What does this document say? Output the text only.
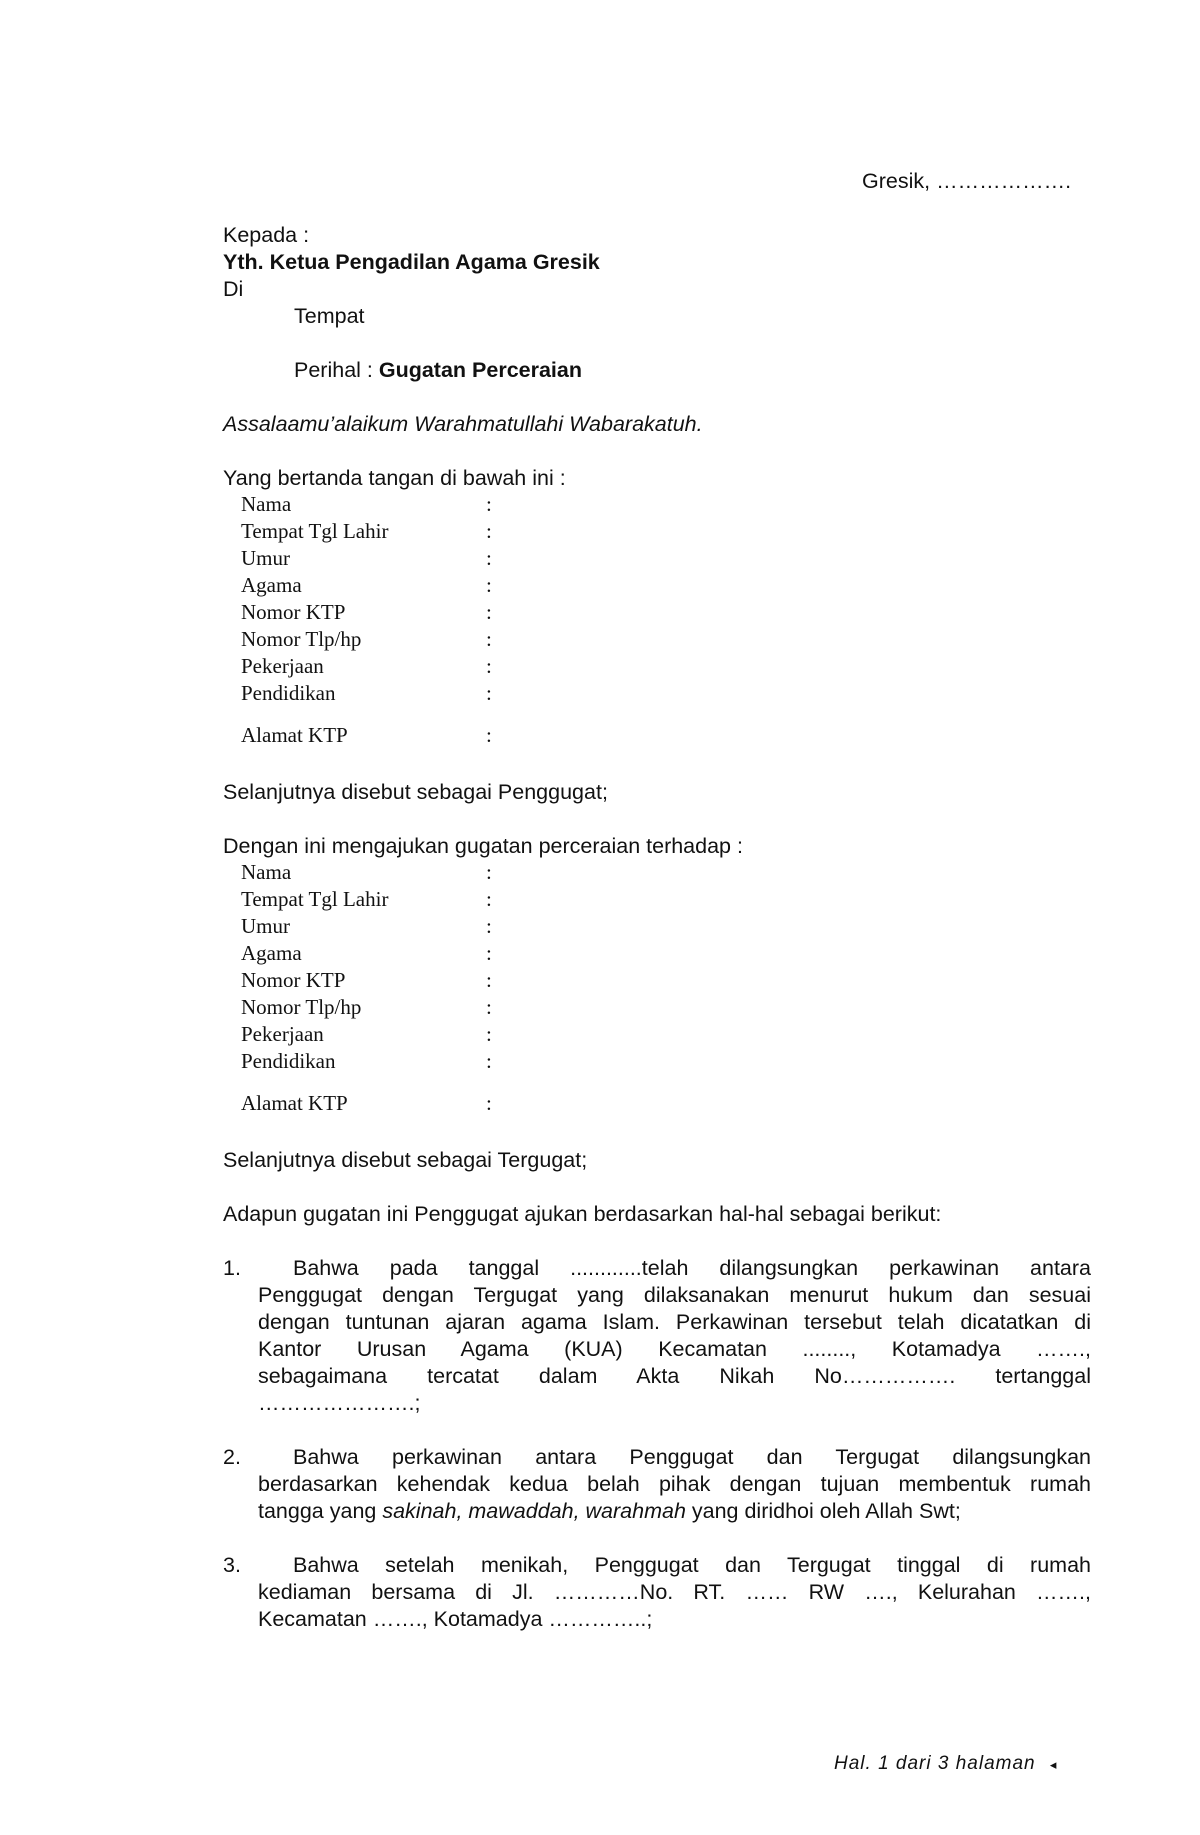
Gresik, ……………….
Kepada :
Yth. Ketua Pengadilan Agama Gresik
Di
Tempat
Perihal : Gugatan Perceraian
Assalaamu’alaikum Warahmatullahi Wabarakatuh.
Yang bertanda tangan di bawah ini :
Nama	:
Tempat Tgl Lahir	:
Umur	:
Agama	:
Nomor KTP	:
Nomor Tlp/hp	:
Pekerjaan	:
Pendidikan	:
Alamat KTP	:
Selanjutnya disebut sebagai Penggugat;
Dengan ini mengajukan gugatan perceraian terhadap :
Nama	:
Tempat Tgl Lahir	:
Umur	:
Agama	:
Nomor KTP	:
Nomor Tlp/hp	:
Pekerjaan	:
Pendidikan	:
Alamat KTP	:
Selanjutnya disebut sebagai Tergugat;
Adapun gugatan ini Penggugat ajukan berdasarkan hal-hal sebagai berikut:
1.	Bahwa pada tanggal ............telah dilangsungkan perkawinan antara
Penggugat dengan Tergugat yang dilaksanakan menurut hukum dan sesuai
dengan tuntunan ajaran agama Islam. Perkawinan tersebut telah dicatatkan di
Kantor Urusan Agama (KUA) Kecamatan ........, Kotamadya …….,
sebagaimana tercatat dalam Akta Nikah No……………. tertanggal
………………….;
2.	Bahwa perkawinan antara Penggugat dan Tergugat dilangsungkan
berdasarkan kehendak kedua belah pihak dengan tujuan membentuk rumah
tangga yang sakinah, mawaddah, warahmah yang diridhoi oleh Allah Swt;
3.	Bahwa setelah menikah, Penggugat dan Tergugat tinggal di rumah
kediaman bersama di Jl. …………No. RT. …… RW …., Kelurahan …….,
Kecamatan ……., Kotamadya …………..;
Hal. 1 dari 3 halaman ◂
